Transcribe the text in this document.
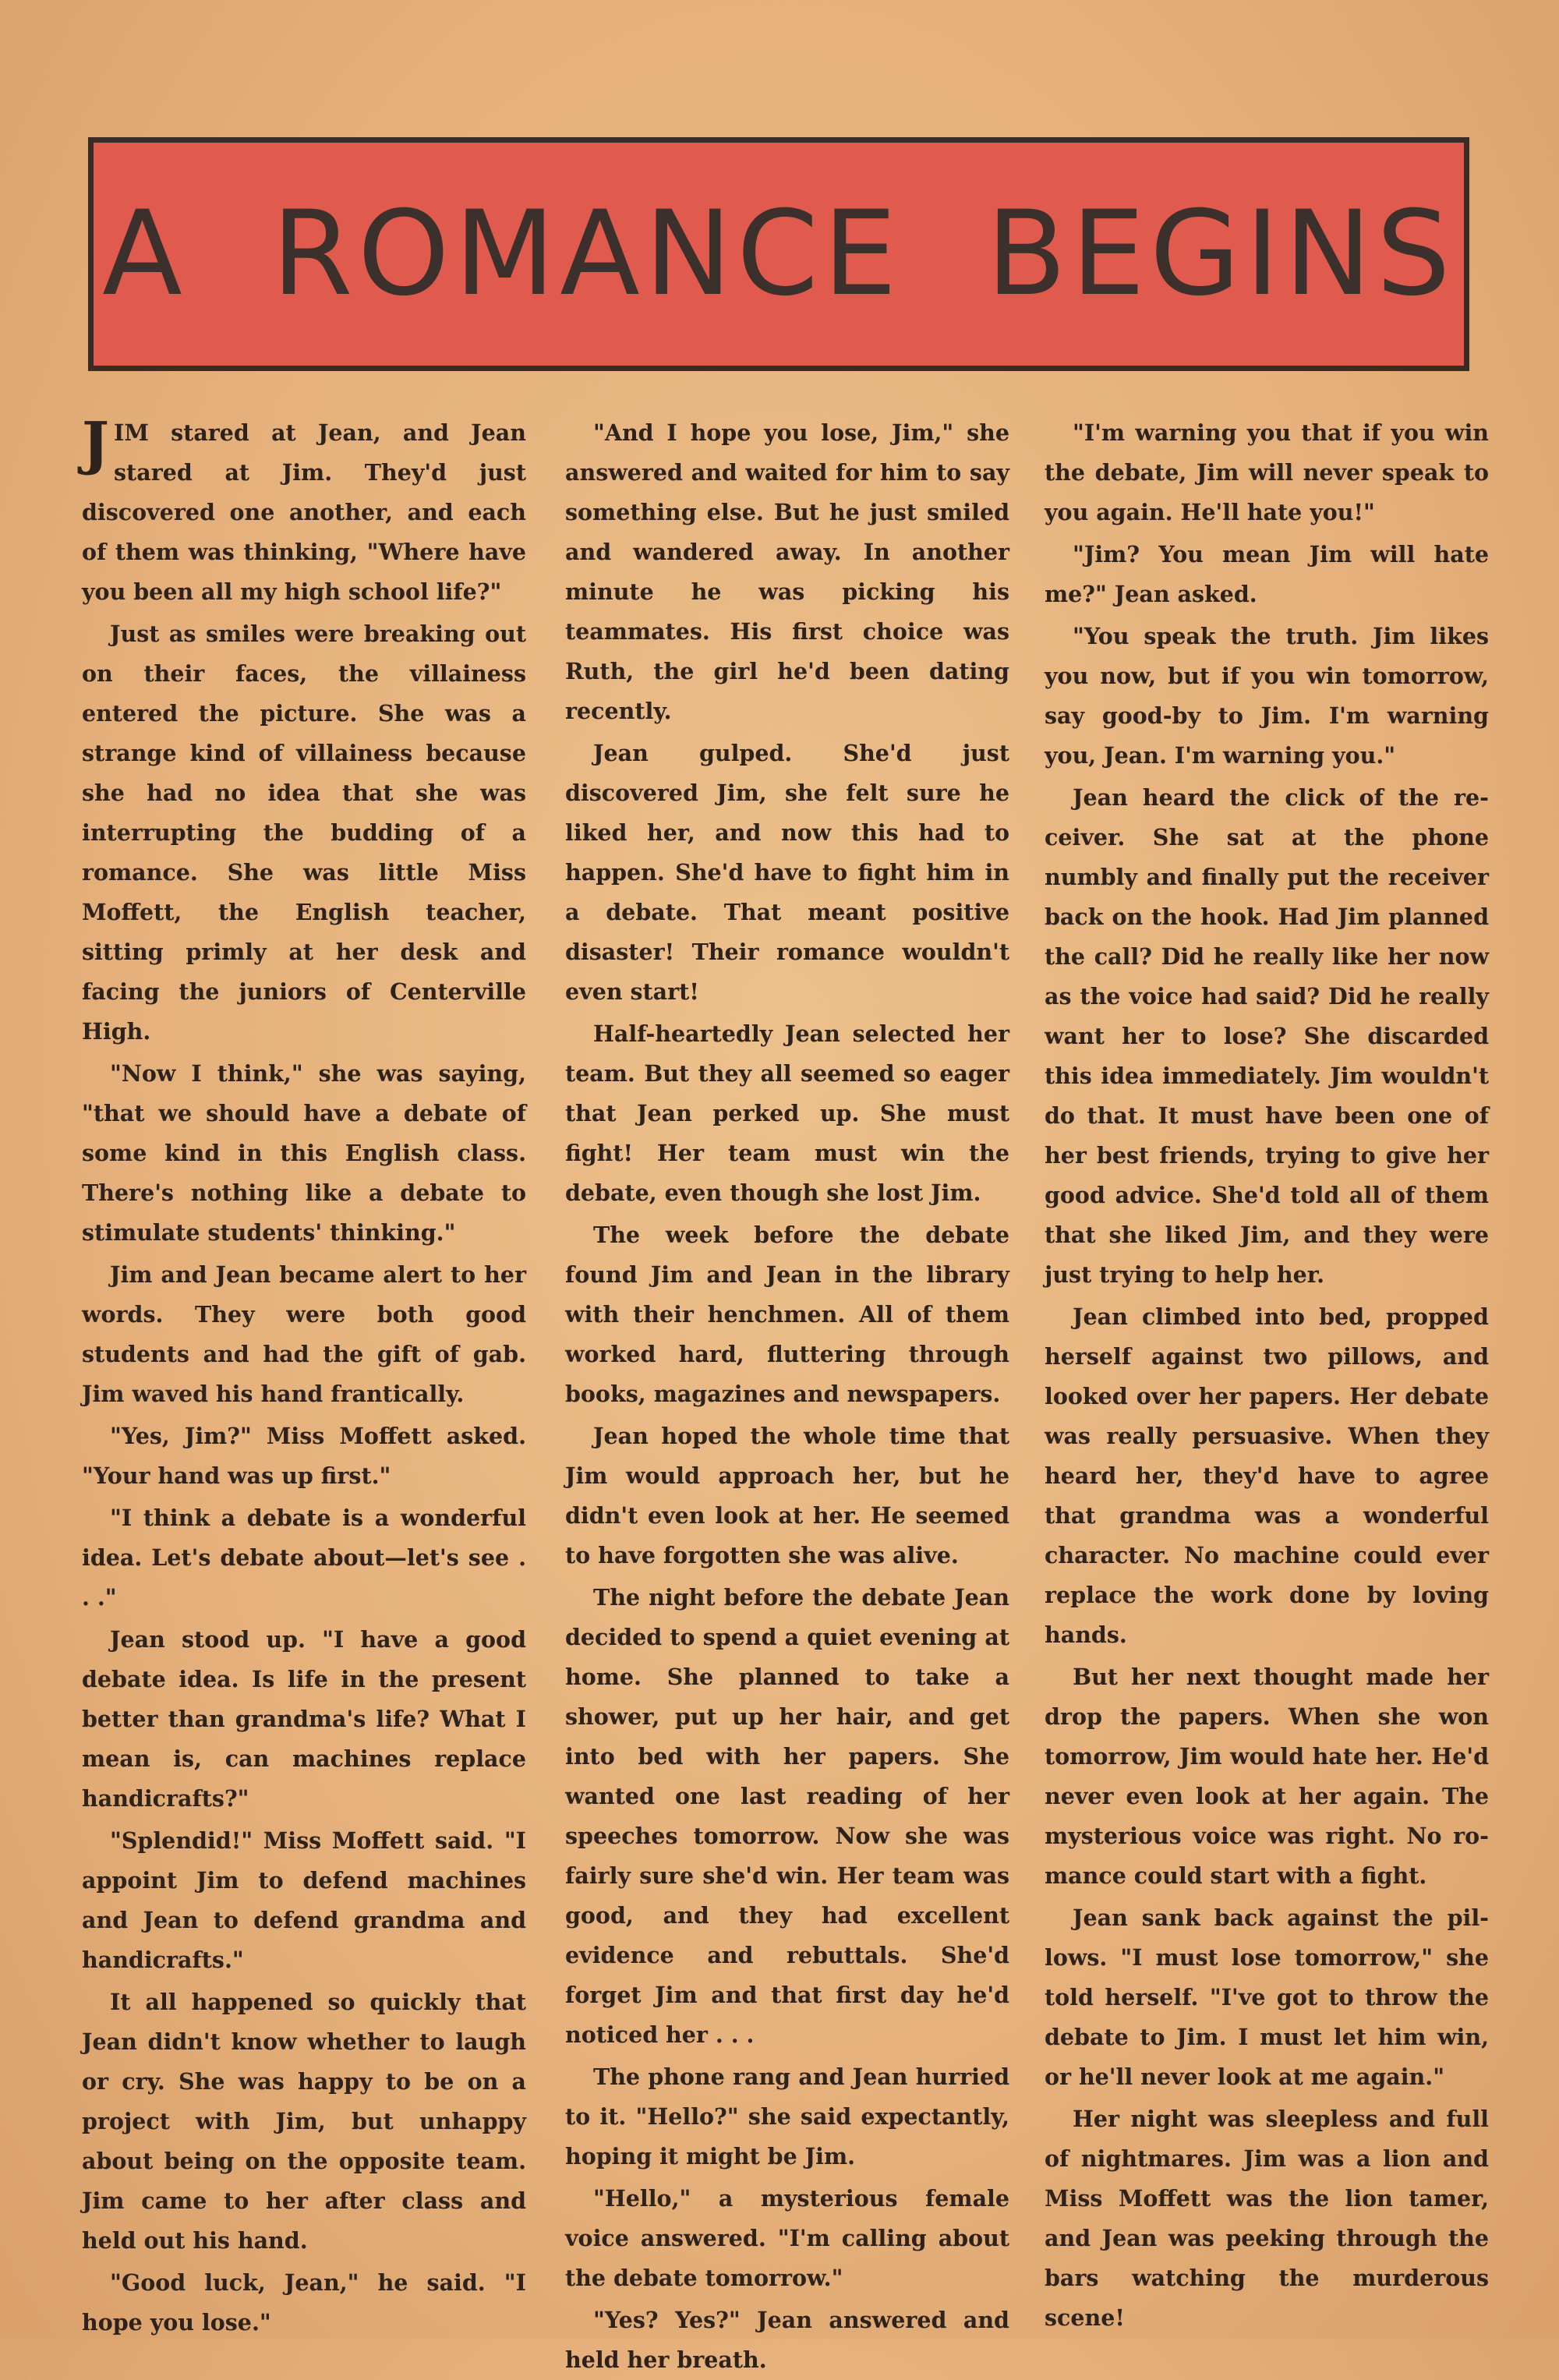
A ROMANCE BEGINS

JIM stared at Jean, and Jean stared at Jim. They'd just discovered one another, and each of them was thinking, "Where have you been all my high school life?"

Just as smiles were breaking out on their faces, the villainess entered the picture. She was a strange kind of villainess because she had no idea that she was interrupting the budding of a romance. She was little Miss Moffett, the English teacher, sitting primly at her desk and facing the juniors of Centerville High.

"Now I think," she was saying, "that we should have a debate of some kind in this English class. There's nothing like a debate to stimulate students' thinking."

Jim and Jean became alert to her words. They were both good students and had the gift of gab. Jim waved his hand frantically.

"Yes, Jim?" Miss Moffett asked. "Your hand was up first."

"I think a debate is a wonderful idea. Let's debate about—let's see . . ."

Jean stood up. "I have a good debate idea. Is life in the present better than grandma's life? What I mean is, can machines replace handicrafts?"

"Splendid!" Miss Moffett said. "I appoint Jim to defend machines and Jean to defend grandma and handicrafts."

It all happened so quickly that Jean didn't know whether to laugh or cry. She was happy to be on a project with Jim, but unhappy about being on the opposite team. Jim came to her after class and held out his hand.

"Good luck, Jean," he said. "I hope you lose."

"And I hope you lose, Jim," she answered and waited for him to say something else. But he just smiled and wandered away. In another minute he was picking his teammates. His first choice was Ruth, the girl he'd been dating recently.

Jean gulped. She'd just discovered Jim, she felt sure he liked her, and now this had to happen. She'd have to fight him in a debate. That meant positive disaster! Their romance wouldn't even start!

Half-heartedly Jean selected her team. But they all seemed so eager that Jean perked up. She must fight! Her team must win the debate, even though she lost Jim.

The week before the debate found Jim and Jean in the library with their henchmen. All of them worked hard, fluttering through books, magazines and newspapers.

Jean hoped the whole time that Jim would approach her, but he didn't even look at her. He seemed to have forgotten she was alive.

The night before the debate Jean decided to spend a quiet evening at home. She planned to take a shower, put up her hair, and get into bed with her papers. She wanted one last reading of her speeches tomorrow. Now she was fairly sure she'd win. Her team was good, and they had excellent evidence and rebuttals. She'd forget Jim and that first day he'd noticed her . . .

The phone rang and Jean hurried to it. "Hello?" she said expectantly, hoping it might be Jim.

"Hello," a mysterious female voice answered. "I'm calling about the debate tomorrow."

"Yes? Yes?" Jean answered and held her breath.

"I'm warning you that if you win the debate, Jim will never speak to you again. He'll hate you!"

"Jim? You mean Jim will hate me?" Jean asked.

"You speak the truth. Jim likes you now, but if you win tomorrow, say good-by to Jim. I'm warning you, Jean. I'm warning you."

Jean heard the click of the receiver. She sat at the phone numbly and finally put the receiver back on the hook. Had Jim planned the call? Did he really like her now as the voice had said? Did he really want her to lose? She discarded this idea immediately. Jim wouldn't do that. It must have been one of her best friends, trying to give her good advice. She'd told all of them that she liked Jim, and they were just trying to help her.

Jean climbed into bed, propped herself against two pillows, and looked over her papers. Her debate was really persuasive. When they heard her, they'd have to agree that grandma was a wonderful character. No machine could ever replace the work done by loving hands.

But her next thought made her drop the papers. When she won tomorrow, Jim would hate her. He'd never even look at her again. The mysterious voice was right. No romance could start with a fight.

Jean sank back against the pillows. "I must lose tomorrow," she told herself. "I've got to throw the debate to Jim. I must let him win, or he'll never look at me again."

Her night was sleepless and full of nightmares. Jim was a lion and Miss Moffett was the lion tamer, and Jean was peeking through the bars watching the murderous scene!
